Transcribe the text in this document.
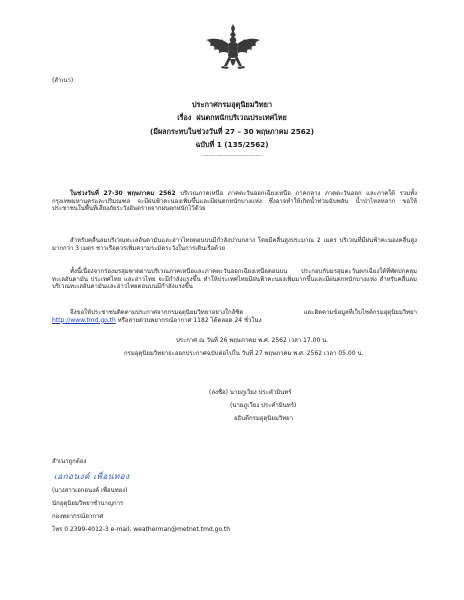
(สำเนา)
ประกาศกรมอุตุนิยมวิทยา
เรื่อง ฝนตกหนักบริเวณประเทศไทย
(มีผลกระทบในช่วงวันที่ 27 – 30 พฤษภาคม 2562)
ฉบับที่ 1 (135/2562)
----------------------------

ในช่วงวันที่ 27-30 พฤษภาคม 2562 บริเวณภาคเหนือ ภาคตะวันออกเฉียงเหนือ ภาคกลาง ภาคตะวันออก และภาคใต้ รวมทั้งกรุงเทพมหานครและปริมณฑล จะมีฝนฟ้าคะนองเพิ่มขึ้นและมีฝนตกหนักบางแห่ง ซึ่งอาจทำให้เกิดน้ำท่วมฉับพลัน น้ำป่าไหลหลาก ขอให้ประชาชนในพื้นที่เสี่ยงภัยระวังอันตรายจากฝนตกหนักไว้ด้วย

สำหรับคลื่นลมบริเวณทะเลอันดามันและอ่าวไทยตอนบนมีกำลังปานกลาง โดยมีคลื่นสูงประมาณ 2 เมตร บริเวณที่มีฝนฟ้าคะนองคลื่นสูงมากกว่า 3 เมตร ชาวเรือควรเพิ่มความระมัดระวังในการเดินเรือด้วย

ทั้งนี้เนื่องจากร่องมรสุมพาดผ่านบริเวณภาคเหนือและภาคตะวันออกเฉียงเหนือตอนบน ประกอบกับมรสุมตะวันตกเฉียงใต้ที่พัดปกคลุมทะเลอันดามัน ประเทศไทย และอ่าวไทย จะมีกำลังแรงขึ้น ทำให้ประเทศไทยมีฝนฟ้าคะนองเพิ่มมากขึ้นและมีฝนตกหนักบางแห่ง สำหรับคลื่นลมบริเวณทะเลอันดามันและอ่าวไทยตอนบนมีกำลังแรงขึ้น

จึงขอให้ประชาชนติดตามประกาศจากกรมอุตุนิยมวิทยาอย่างใกล้ชิด และติดตามข้อมูลที่เว็บไซต์กรมอุตุนิยมวิทยา http://www.tmd.go.th หรือสายด่วนพยากรณ์อากาศ 1182 ได้ตลอด 24 ชั่วโมง

ประกาศ ณ วันที่ 26 พฤษภาคม พ.ศ. 2562 เวลา 17.00 น.
กรมอุตุนิยมวิทยาจะออกประกาศฉบับต่อไปใน วันที่ 27 พฤษภาคม พ.ศ. 2562 เวลา 05.00 น.
(ลงชื่อ) นายภูเวียง ประคำมินทร์
(นายภูเวียง ประคำมินทร์)
อธิบดีกรมอุตุนิยมวิทยา
สำเนาถูกต้อง
เอกอนงค์ เพื่อนทอง
(นางสาวเอกอนงค์ เพื่อนทอง)
นักอุตุนิยมวิทยาชำนาญการ
กองพยากรณ์อากาศ
โทร 0 2399-4012-3 e-mail; weatherman@metnet.tmd.go.th
